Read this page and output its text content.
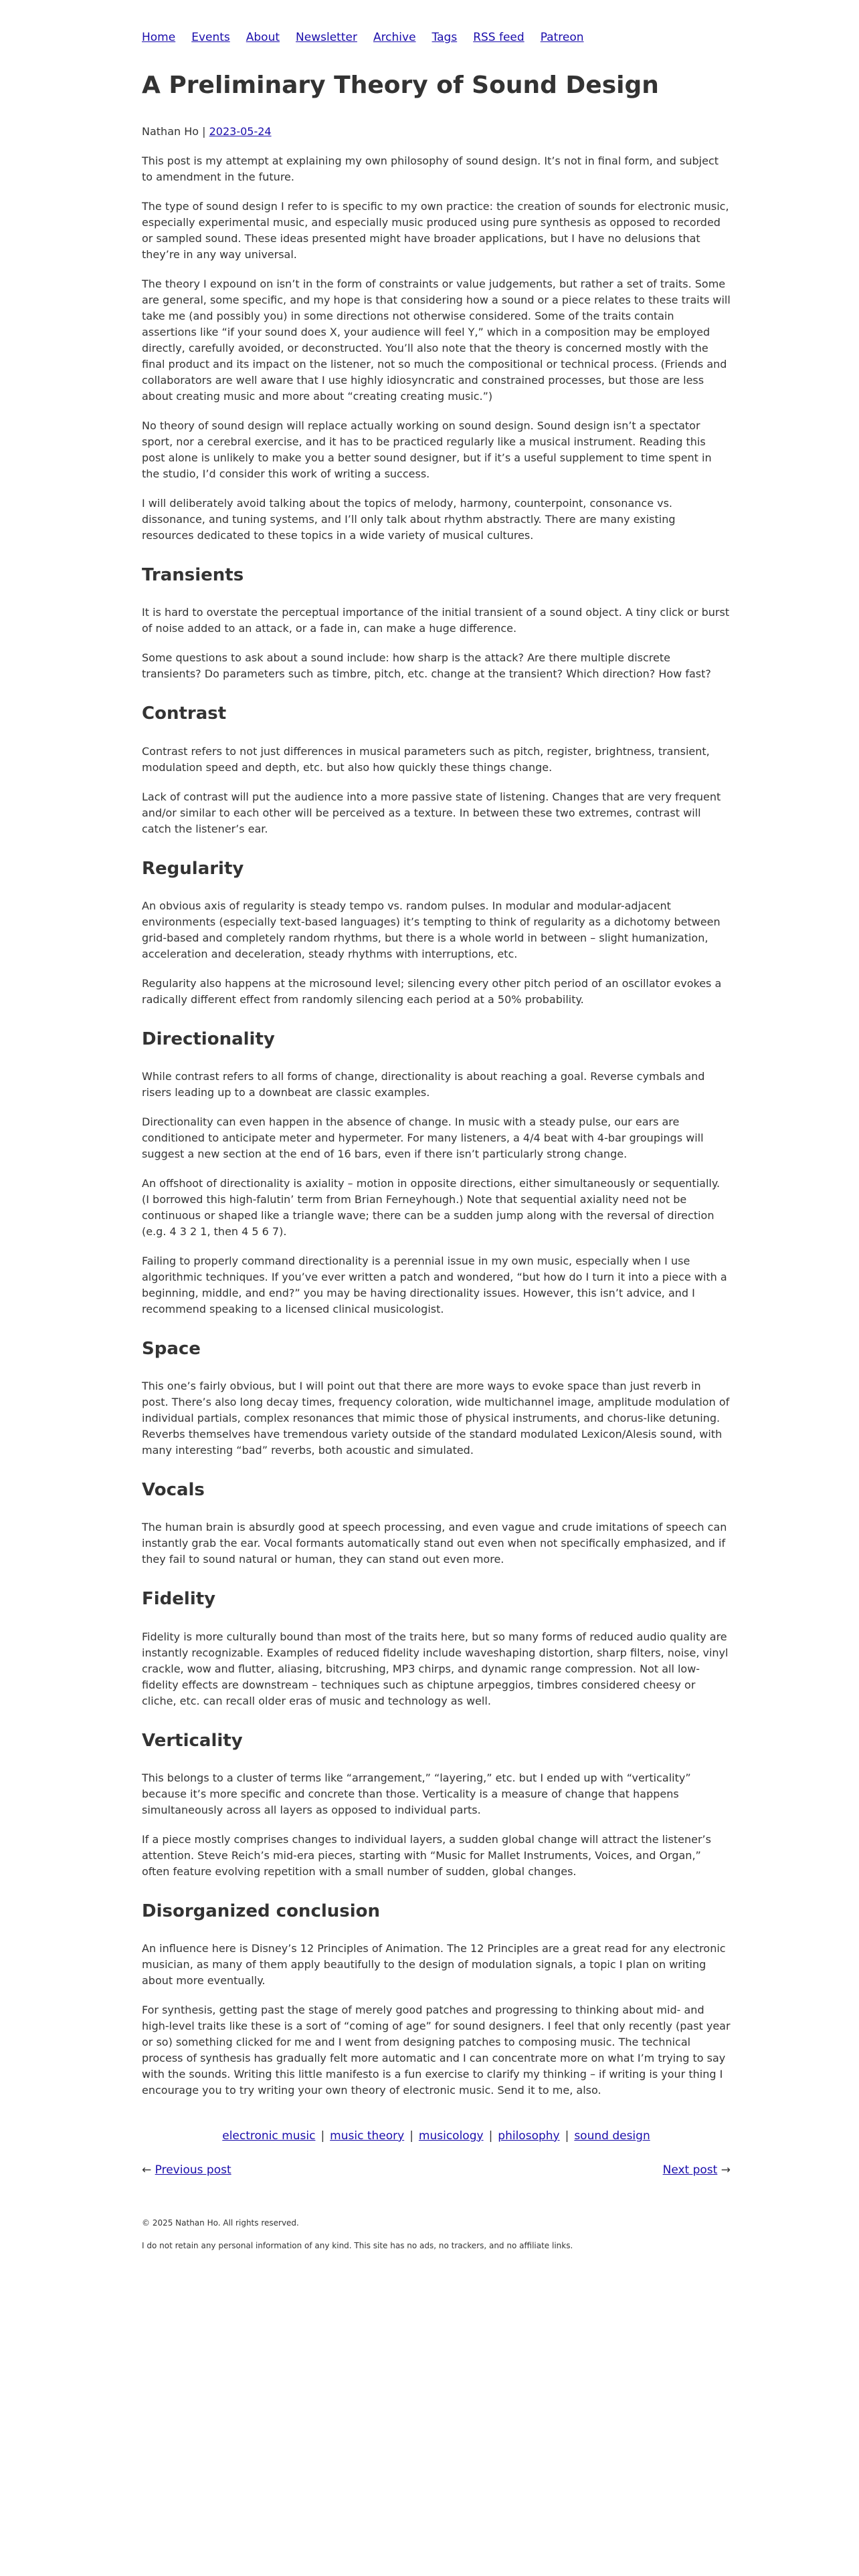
Home Events About Newsletter Archive Tags RSS feed Patreon
A Preliminary Theory of Sound Design
Nathan Ho | 2023-05-24

This post is my attempt at explaining my own philosophy of sound design. It’s not in final form, and subject to amendment in the future.

The type of sound design I refer to is specific to my own practice: the creation of sounds for electronic music, especially experimental music, and especially music produced using pure synthesis as opposed to recorded or sampled sound. These ideas presented might have broader applications, but I have no delusions that they’re in any way universal.

The theory I expound on isn’t in the form of constraints or value judgements, but rather a set of traits. Some are general, some specific, and my hope is that considering how a sound or a piece relates to these traits will take me (and possibly you) in some directions not otherwise considered. Some of the traits contain assertions like “if your sound does X, your audience will feel Y,” which in a composition may be employed directly, carefully avoided, or deconstructed. You’ll also note that the theory is concerned mostly with the final product and its impact on the listener, not so much the compositional or technical process. (Friends and collaborators are well aware that I use highly idiosyncratic and constrained processes, but those are less about creating music and more about “creating creating music.”)

No theory of sound design will replace actually working on sound design. Sound design isn’t a spectator sport, nor a cerebral exercise, and it has to be practiced regularly like a musical instrument. Reading this post alone is unlikely to make you a better sound designer, but if it’s a useful supplement to time spent in the studio, I’d consider this work of writing a success.

I will deliberately avoid talking about the topics of melody, harmony, counterpoint, consonance vs. dissonance, and tuning systems, and I’ll only talk about rhythm abstractly. There are many existing resources dedicated to these topics in a wide variety of musical cultures.

Transients

It is hard to overstate the perceptual importance of the initial transient of a sound object. A tiny click or burst of noise added to an attack, or a fade in, can make a huge difference.

Some questions to ask about a sound include: how sharp is the attack? Are there multiple discrete transients? Do parameters such as timbre, pitch, etc. change at the transient? Which direction? How fast?

Contrast

Contrast refers to not just differences in musical parameters such as pitch, register, brightness, transient, modulation speed and depth, etc. but also how quickly these things change.

Lack of contrast will put the audience into a more passive state of listening. Changes that are very frequent and/or similar to each other will be perceived as a texture. In between these two extremes, contrast will catch the listener’s ear.

Regularity

An obvious axis of regularity is steady tempo vs. random pulses. In modular and modular-adjacent environments (especially text-based languages) it’s tempting to think of regularity as a dichotomy between grid-based and completely random rhythms, but there is a whole world in between – slight humanization, acceleration and deceleration, steady rhythms with interruptions, etc.

Regularity also happens at the microsound level; silencing every other pitch period of an oscillator evokes a radically different effect from randomly silencing each period at a 50% probability.

Directionality

While contrast refers to all forms of change, directionality is about reaching a goal. Reverse cymbals and risers leading up to a downbeat are classic examples.

Directionality can even happen in the absence of change. In music with a steady pulse, our ears are conditioned to anticipate meter and hypermeter. For many listeners, a 4/4 beat with 4-bar groupings will suggest a new section at the end of 16 bars, even if there isn’t particularly strong change.

An offshoot of directionality is axiality – motion in opposite directions, either simultaneously or sequentially. (I borrowed this high-falutin’ term from Brian Ferneyhough.) Note that sequential axiality need not be continuous or shaped like a triangle wave; there can be a sudden jump along with the reversal of direction (e.g. 4 3 2 1, then 4 5 6 7).

Failing to properly command directionality is a perennial issue in my own music, especially when I use algorithmic techniques. If you’ve ever written a patch and wondered, “but how do I turn it into a piece with a beginning, middle, and end?” you may be having directionality issues. However, this isn’t advice, and I recommend speaking to a licensed clinical musicologist.

Space

This one’s fairly obvious, but I will point out that there are more ways to evoke space than just reverb in post. There’s also long decay times, frequency coloration, wide multichannel image, amplitude modulation of individual partials, complex resonances that mimic those of physical instruments, and chorus-like detuning. Reverbs themselves have tremendous variety outside of the standard modulated Lexicon/Alesis sound, with many interesting “bad” reverbs, both acoustic and simulated.

Vocals

The human brain is absurdly good at speech processing, and even vague and crude imitations of speech can instantly grab the ear. Vocal formants automatically stand out even when not specifically emphasized, and if they fail to sound natural or human, they can stand out even more.

Fidelity

Fidelity is more culturally bound than most of the traits here, but so many forms of reduced audio quality are instantly recognizable. Examples of reduced fidelity include waveshaping distortion, sharp filters, noise, vinyl crackle, wow and flutter, aliasing, bitcrushing, MP3 chirps, and dynamic range compression. Not all low-fidelity effects are downstream – techniques such as chiptune arpeggios, timbres considered cheesy or cliche, etc. can recall older eras of music and technology as well.

Verticality

This belongs to a cluster of terms like “arrangement,” “layering,” etc. but I ended up with “verticality” because it’s more specific and concrete than those. Verticality is a measure of change that happens simultaneously across all layers as opposed to individual parts.

If a piece mostly comprises changes to individual layers, a sudden global change will attract the listener’s attention. Steve Reich’s mid-era pieces, starting with “Music for Mallet Instruments, Voices, and Organ,” often feature evolving repetition with a small number of sudden, global changes.

Disorganized conclusion

An influence here is Disney’s 12 Principles of Animation. The 12 Principles are a great read for any electronic musician, as many of them apply beautifully to the design of modulation signals, a topic I plan on writing about more eventually.

For synthesis, getting past the stage of merely good patches and progressing to thinking about mid- and high-level traits like these is a sort of “coming of age” for sound designers. I feel that only recently (past year or so) something clicked for me and I went from designing patches to composing music. The technical process of synthesis has gradually felt more automatic and I can concentrate more on what I’m trying to say with the sounds. Writing this little manifesto is a fun exercise to clarify my thinking – if writing is your thing I encourage you to try writing your own theory of electronic music. Send it to me, also.

electronic music | music theory | musicology | philosophy | sound design
← Previous post	Next post →

© 2025 Nathan Ho. All rights reserved.

I do not retain any personal information of any kind. This site has no ads, no trackers, and no affiliate links.
